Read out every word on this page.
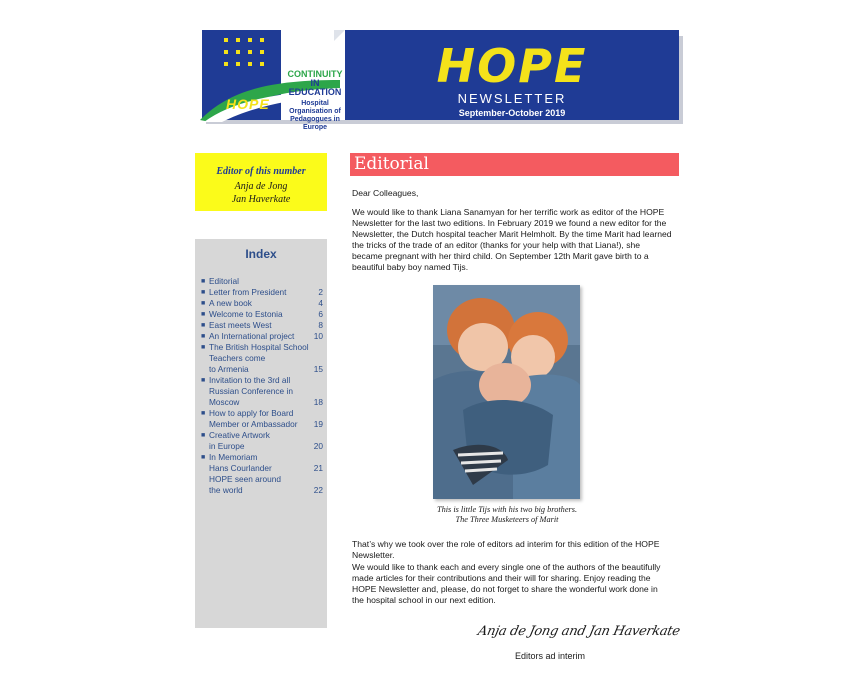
CONTINUITY
IN EDUCATION
HOPE	Hospital Organisation of Pedagogues in Europe
HOPE
NEWSLETTER
September-October 2019
Editor of this number
Anja de Jong
Jan Haverkate
Index
■ Editorial
■ Letter from President	2
■ A new book	4
■ Welcome to Estonia	6
■ East meets West	8
■ An International project	10
■ The British Hospital School
Teachers come
to Armenia	15
■ Invitation to the 3rd all
Russian Conference in
Moscow	18
■ How to apply for Board
Member or Ambassador	19
■ Creative Artwork
in Europe	20
■ In Memoriam
Hans Courlander	21
HOPE seen around
the world	22
Editorial
Dear Colleagues,
We would like to thank Liana Sanamyan for her terrific work as editor of the HOPE Newsletter for the last two editions. In February 2019 we found a new editor for the Newsletter, the Dutch hospital teacher Marit Helmholt. By the time Marit had learned the tricks of the trade of an editor (thanks for your help with that Liana!), she became pregnant with her third child. On September 12th Marit gave birth to a beautiful baby boy named Tijs.
This is little Tijs with his two big brothers.
The Three Musketeers of Marit
That’s why we took over the role of editors ad interim for this edition of the HOPE Newsletter.
We would like to thank each and every single one of the authors of the beautifully made articles for their contributions and their will for sharing. Enjoy reading the HOPE Newsletter and, please, do not forget to share the wonderful work done in the hospital school in our next edition.
Anja de Jong and Jan Haverkate
Editors ad interim
